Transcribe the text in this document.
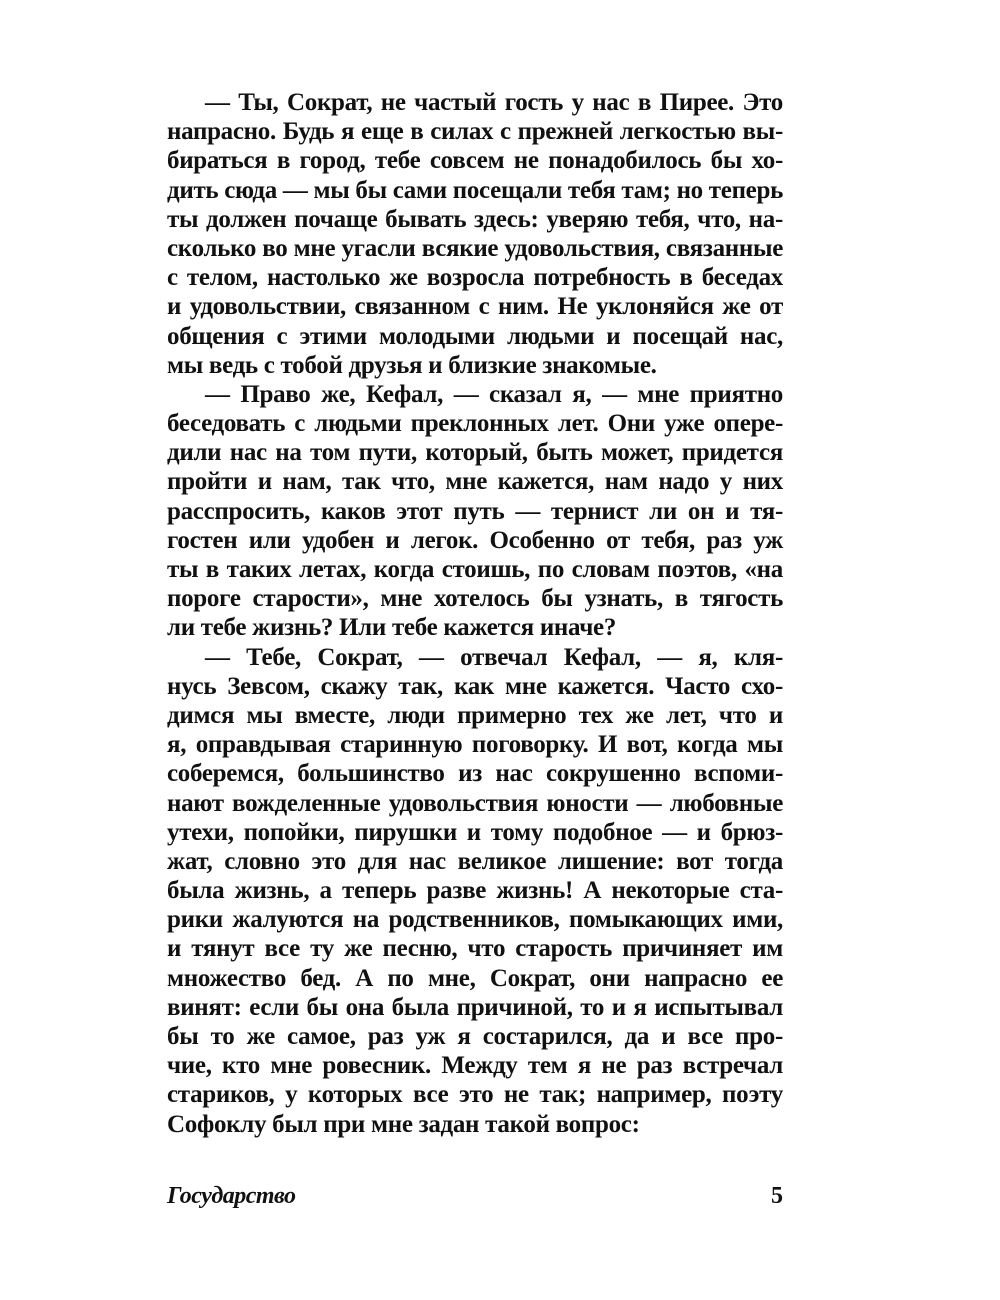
— Ты, Сократ, не частый гость у нас в Пирее. Это
напрасно. Будь я еще в силах с прежней легкостью вы-
бираться в город, тебе совсем не понадобилось бы хо-
дить сюда — мы бы сами посещали тебя там; но теперь
ты должен почаще бывать здесь: уверяю тебя, что, на-
сколько во мне угасли всякие удовольствия, связанные
с телом, настолько же возросла потребность в беседах
и удовольствии, связанном с ним. Не уклоняйся же от
общения с этими молодыми людьми и посещай нас,
мы ведь с тобой друзья и близкие знакомые.
— Право же, Кефал, — сказал я, — мне приятно
беседовать с людьми преклонных лет. Они уже опере-
дили нас на том пути, который, быть может, придется
пройти и нам, так что, мне кажется, нам надо у них
расспросить, каков этот путь — тернист ли он и тя-
гостен или удобен и легок. Особенно от тебя, раз уж
ты в таких летах, когда стоишь, по словам поэтов, «на
пороге старости», мне хотелось бы узнать, в тягость
ли тебе жизнь? Или тебе кажется иначе?
— Тебе, Сократ, — отвечал Кефал, — я, кля-
нусь Зевсом, скажу так, как мне кажется. Часто схо-
димся мы вместе, люди примерно тех же лет, что и
я, оправдывая старинную поговорку. И вот, когда мы
соберемся, большинство из нас сокрушенно вспоми-
нают вожделенные удовольствия юности — любовные
утехи, попойки, пирушки и тому подобное — и брюз-
жат, словно это для нас великое лишение: вот тогда
была жизнь, а теперь разве жизнь! А некоторые ста-
рики жалуются на родственников, помыкающих ими,
и тянут все ту же песню, что старость причиняет им
множество бед. А по мне, Сократ, они напрасно ее
винят: если бы она была причиной, то и я испытывал
бы то же самое, раз уж я состарился, да и все про-
чие, кто мне ровесник. Между тем я не раз встречал
стариков, у которых все это не так; например, поэту
Софоклу был при мне задан такой вопрос:
Государство	5
